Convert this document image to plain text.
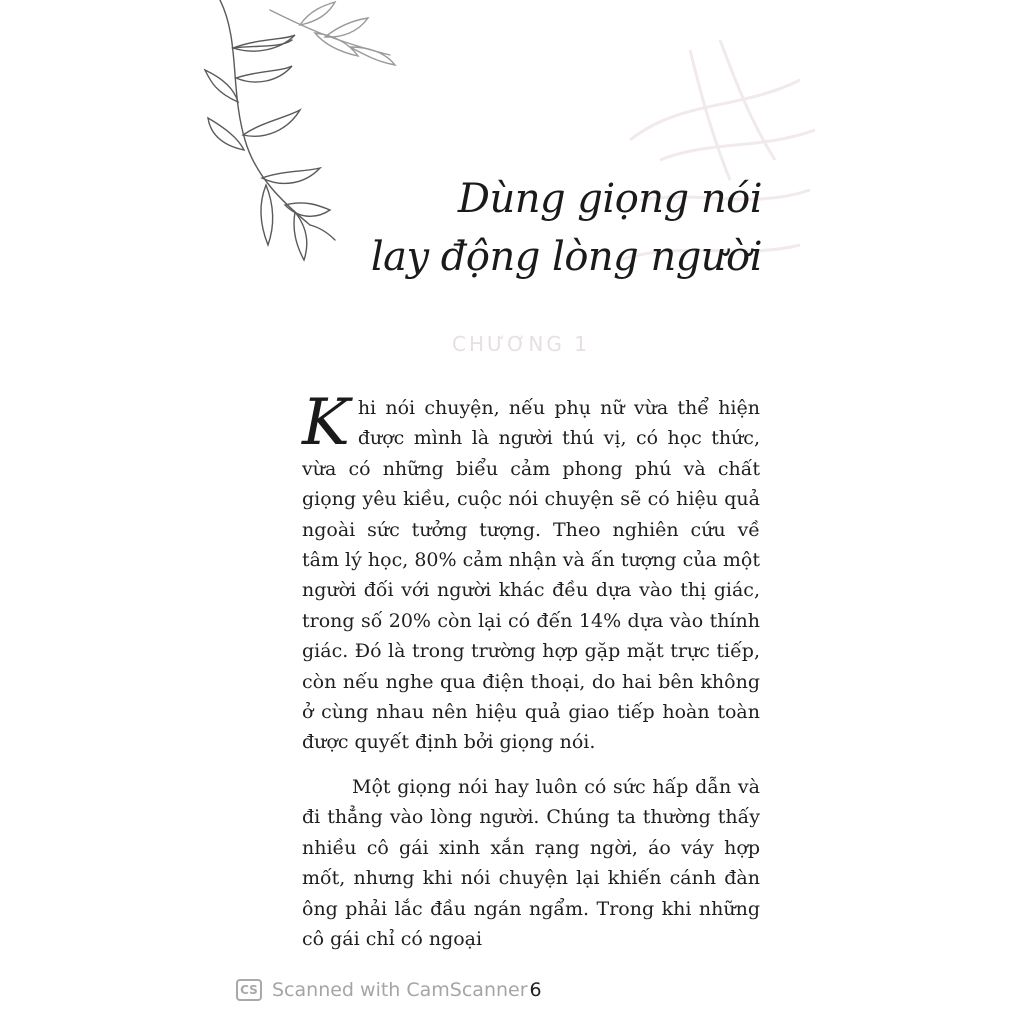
Dùng giọng nói
lay động lòng người
CHƯƠNG 1

Khi nói chuyện, nếu phụ nữ vừa thể hiện được mình là người thú vị, có học thức, vừa có những biểu cảm phong phú và chất giọng yêu kiều, cuộc nói chuyện sẽ có hiệu quả ngoài sức tưởng tượng. Theo nghiên cứu về tâm lý học, 80% cảm nhận và ấn tượng của một người đối với người khác đều dựa vào thị giác, trong số 20% còn lại có đến 14% dựa vào thính giác. Đó là trong trường hợp gặp mặt trực tiếp, còn nếu nghe qua điện thoại, do hai bên không ở cùng nhau nên hiệu quả giao tiếp hoàn toàn được quyết định bởi giọng nói.

Một giọng nói hay luôn có sức hấp dẫn và đi thẳng vào lòng người. Chúng ta thường thấy nhiều cô gái xinh xắn rạng ngời, áo váy hợp mốt, nhưng khi nói chuyện lại khiến cánh đàn ông phải lắc đầu ngán ngẩm. Trong khi những cô gái chỉ có ngoại

CS Scanned with CamScanner 6
